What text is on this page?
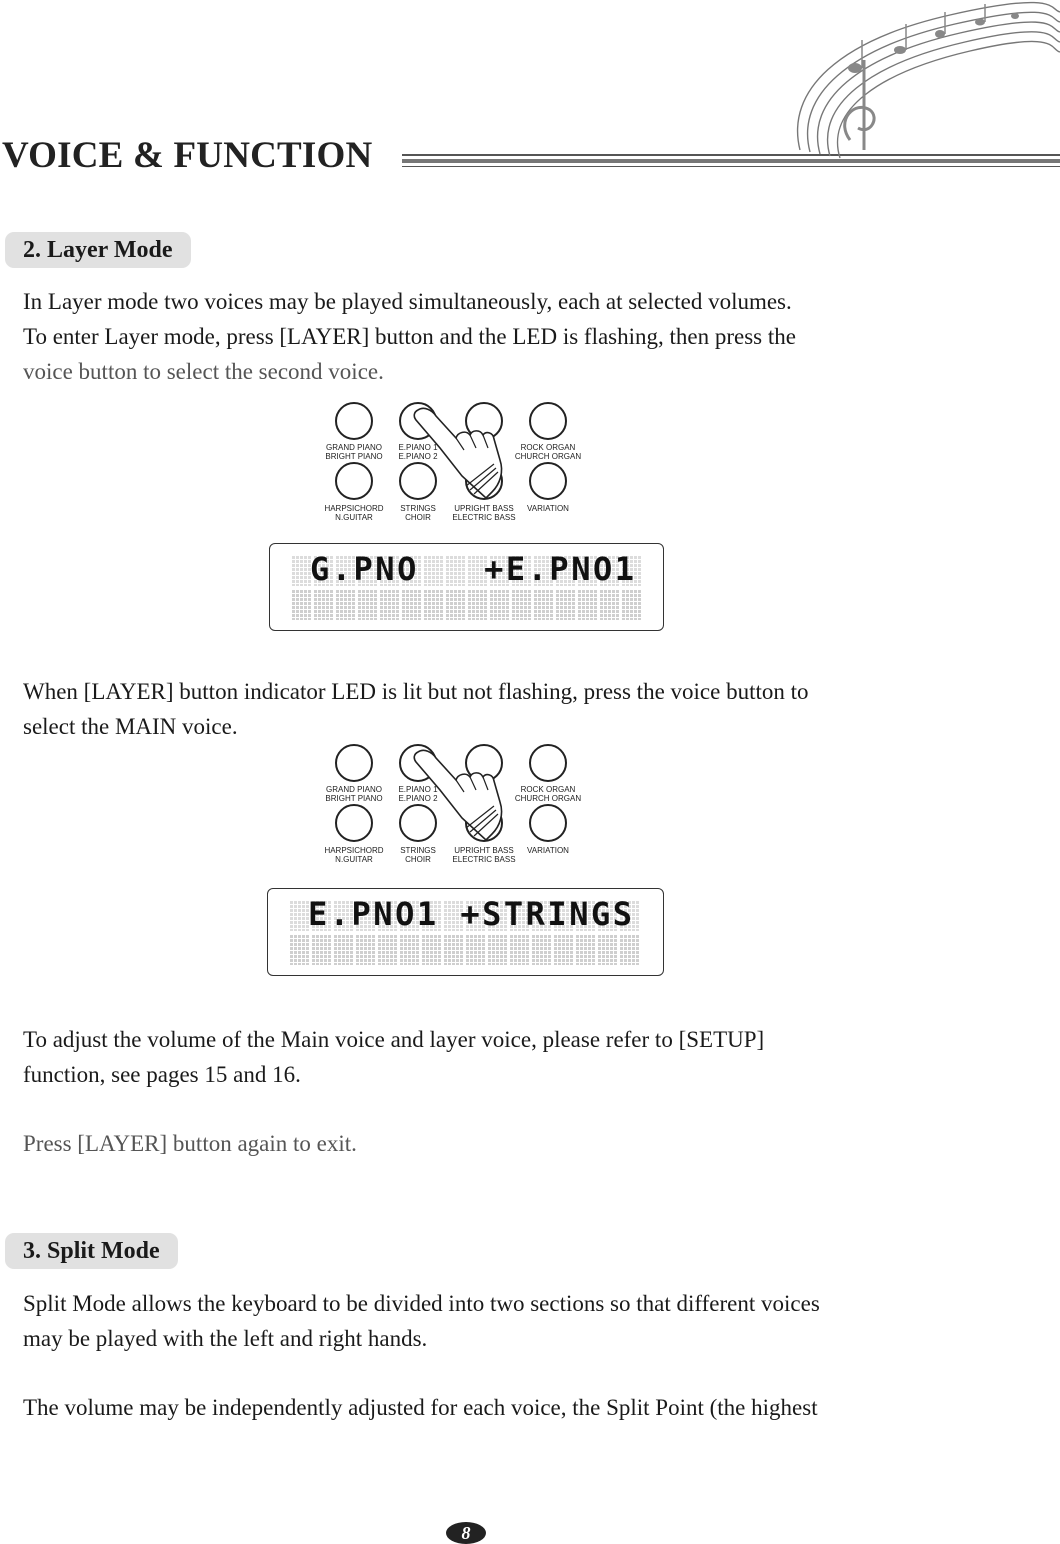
VOICE & FUNCTION
2. Layer Mode
In Layer mode two voices may be played simultaneously, each at selected volumes.
To enter Layer mode, press [LAYER] button and the LED is flashing, then press the
voice button to select the second voice.
GRAND PIANO
BRIGHT PIANO
E.PIANO 1
E.PIANO 2
ROCK ORGAN
CHURCH ORGAN
HARPSICHORD
N.GUITAR
STRINGS
CHOIR
UPRIGHT BASS
ELECTRIC BASS
VARIATION
G.PNO   +E.PNO1
When [LAYER] button indicator LED is lit but not flashing, press the voice button to
select the MAIN voice.
GRAND PIANO
BRIGHT PIANO
E.PIANO 1
E.PIANO 2
ROCK ORGAN
CHURCH ORGAN
HARPSICHORD
N.GUITAR
STRINGS
CHOIR
UPRIGHT BASS
ELECTRIC BASS
VARIATION
E.PNO1 +STRINGS
To adjust the volume of the Main voice and layer voice, please refer to [SETUP]
function, see pages 15 and 16.
Press [LAYER] button again to exit.
3. Split Mode
Split Mode allows the keyboard to be divided into two sections so that different voices
may be played with the left and right hands.
The volume may be independently adjusted for each voice, the Split Point (the highest
8
